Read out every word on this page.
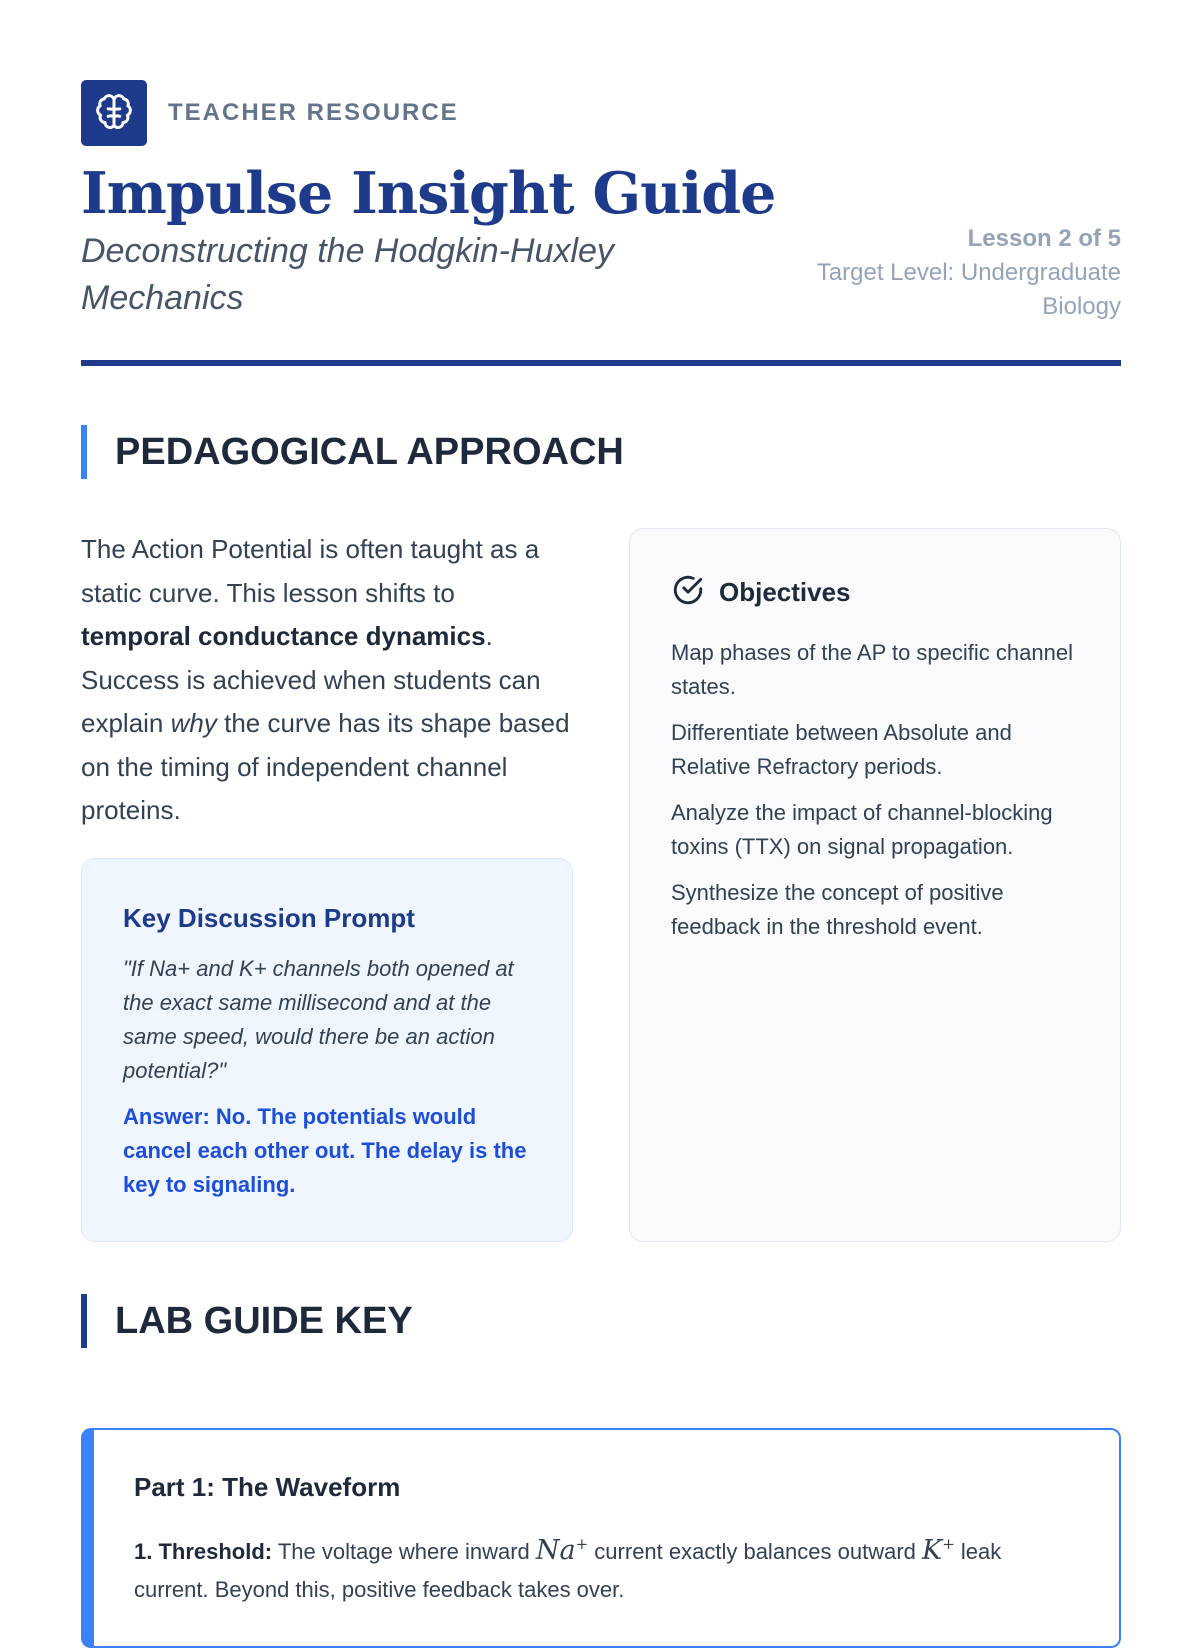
TEACHER RESOURCE
Impulse Insight Guide

Deconstructing the Hodgkin-Huxley Mechanics

Lesson 2 of 5
Target Level: Undergraduate Biology
PEDAGOGICAL APPROACH

The Action Potential is often taught as a static curve. This lesson shifts to temporal conductance dynamics. Success is achieved when students can explain why the curve has its shape based on the timing of independent channel proteins.

Key Discussion Prompt

"If Na+ and K+ channels both opened at the exact same millisecond and at the same speed, would there be an action potential?"

Answer: No. The potentials would cancel each other out. The delay is the key to signaling.

Objectives
Map phases of the AP to specific channel states.
Differentiate between Absolute and Relative Refractory periods.
Analyze the impact of channel-blocking toxins (TTX) on signal propagation.
Synthesize the concept of positive feedback in the threshold event.
LAB GUIDE KEY

Part 1: The Waveform

1. Threshold: The voltage where inward Na+ current exactly balances outward K+ leak current. Beyond this, positive feedback takes over.
